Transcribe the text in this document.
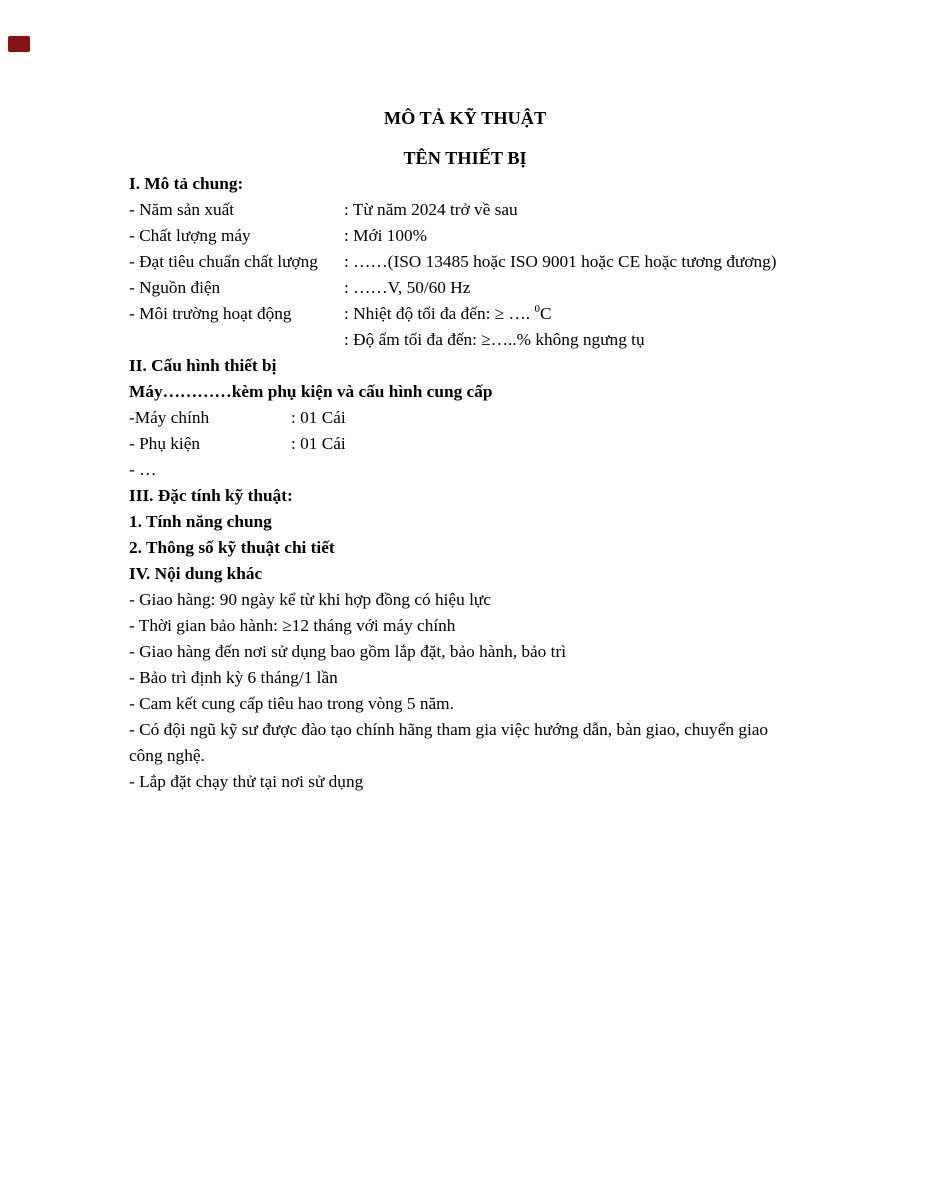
MÔ TẢ KỸ THUẬT

TÊN THIẾT BỊ

I. Mô tả chung:

- Năm sản xuất	: Từ năm 2024 trở về sau

- Chất lượng máy	: Mới 100%

- Đạt tiêu chuẩn chất lượng : ……(ISO 13485 hoặc ISO 9001 hoặc CE hoặc tương đương)

- Nguồn điện	: ……V, 50/60 Hz

- Môi trường hoạt động	: Nhiệt độ tối đa đến: ≥ …. $^0$C

: Độ ẩm tối đa đến: ≥…..% không ngưng tụ

II. Cấu hình thiết bị

Máy…………kèm phụ kiện và cấu hình cung cấp

-Máy chính	: 01 Cái

- Phụ kiện	: 01 Cái

- …

III. Đặc tính kỹ thuật:

1. Tính năng chung

2. Thông số kỹ thuật chi tiết

IV. Nội dung khác

- Giao hàng: 90 ngày kể từ khi hợp đồng có hiệu lực

- Thời gian bảo hành: ≥12 tháng với máy chính

- Giao hàng đến nơi sử dụng bao gồm lắp đặt, bảo hành, bảo trì

- Bảo trì định kỳ 6 tháng/1 lần

- Cam kết cung cấp tiêu hao trong vòng 5 năm.

- Có đội ngũ kỹ sư được đào tạo chính hãng tham gia việc hướng dẫn, bàn giao, chuyển giao công nghệ.

- Lắp đặt chạy thử tại nơi sử dụng
